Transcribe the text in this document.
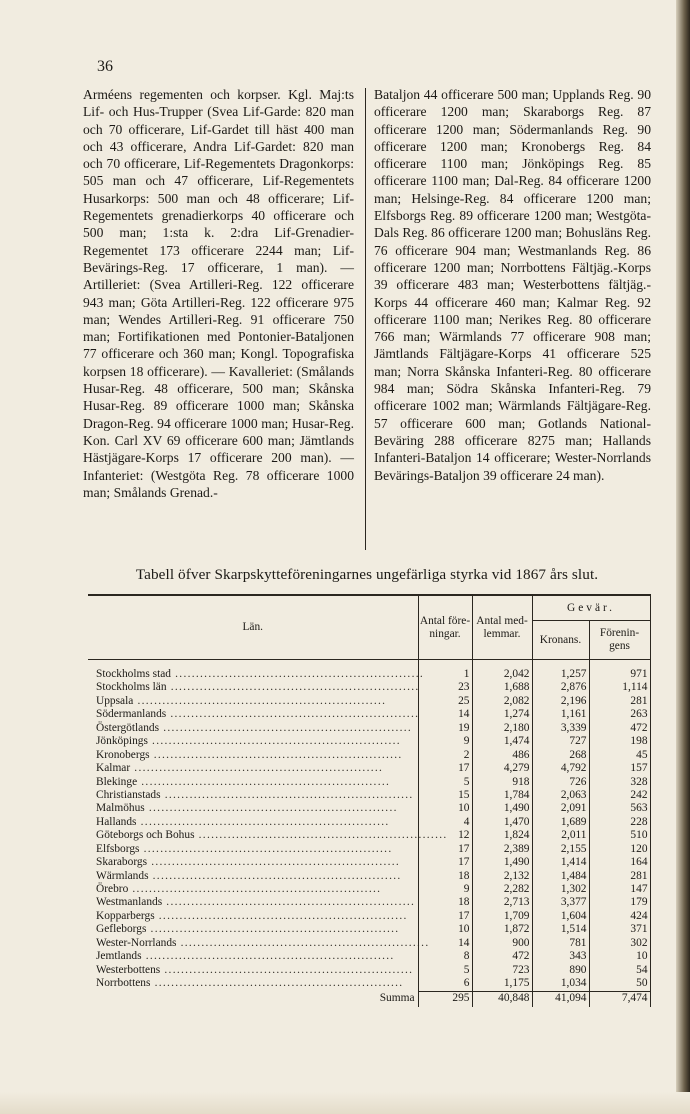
36

Arméens regementen och korpser. Kgl. Maj:ts Lif- och Hus-Trupper (Svea Lif-Garde: 820 man och 70 officerare, Lif-Gardet till häst 400 man och 43 officerare, Andra Lif-Gardet: 820 man och 70 officerare, Lif-Regementets Dragonkorps: 505 man och 47 officerare, Lif-Regementets Husarkorps: 500 man och 48 officerare; Lif-Regementets grenadierkorps 40 officerare och 500 man; 1:sta k. 2:dra Lif-Grenadier-Regementet 173 officerare 2244 man; Lif-Bevärings-Reg. 17 officerare, 1 man). — Artilleriet: (Svea Artilleri-Reg. 122 officerare 943 man; Göta Artilleri-Reg. 122 officerare 975 man; Wendes Artilleri-Reg. 91 officerare 750 man; Fortifikationen med Pontonier-Bataljonen 77 officerare och 360 man; Kongl. Topografiska korpsen 18 officerare). — Kavalleriet: (Smålands Husar-Reg. 48 officerare, 500 man; Skånska Husar-Reg. 89 officerare 1000 man; Skånska Dragon-Reg. 94 officerare 1000 man; Husar-Reg. Kon. Carl XV 69 officerare 600 man; Jämtlands Hästjägare-Korps 17 officerare 200 man). — Infanteriet: (Westgöta Reg. 78 officerare 1000 man; Smålands Grenad.-

Bataljon 44 officerare 500 man; Upplands Reg. 90 officerare 1200 man; Skaraborgs Reg. 87 officerare 1200 man; Södermanlands Reg. 90 officerare 1200 man; Kronobergs Reg. 84 officerare 1100 man; Jönköpings Reg. 85 officerare 1100 man; Dal-Reg. 84 officerare 1200 man; Helsinge-Reg. 84 officerare 1200 man; Elfsborgs Reg. 89 officerare 1200 man; Westgöta-Dals Reg. 86 officerare 1200 man; Bohusläns Reg. 76 officerare 904 man; Westmanlands Reg. 86 officerare 1200 man; Norrbottens Fältjäg.-Korps 39 officerare 483 man; Westerbottens fältjäg.-Korps 44 officerare 460 man; Kalmar Reg. 92 officerare 1100 man; Nerikes Reg. 80 officerare 766 man; Wärmlands 77 officerare 908 man; Jämtlands Fältjägare-Korps 41 officerare 525 man; Norra Skånska Infanteri-Reg. 80 officerare 984 man; Södra Skånska Infanteri-Reg. 79 officerare 1002 man; Wärmlands Fältjägare-Reg. 57 officerare 600 man; Gotlands National-Beväring 288 officerare 8275 man; Hallands Infanteri-Bataljon 14 officerare; Wester-Norrlands Bevärings-Bataljon 39 officerare 24 man).

Tabell öfver Skarpskytteföreningarnes ungefärliga styrka vid 1867 års slut.
Län.	Antal före-ningar.	Antal med-lemmar.	Gevär.	
			Kronans.	Förenin-gens
Stockholms stad ............................................................	1	2,042	1,257	971
Stockholms län ............................................................	23	1,688	2,876	1,114
Uppsala ............................................................	25	2,082	2,196	281
Södermanlands ............................................................	14	1,274	1,161	263
Östergötlands ............................................................	19	2,180	3,339	472
Jönköpings ............................................................	9	1,474	727	198
Kronobergs ............................................................	2	486	268	45
Kalmar ............................................................	17	4,279	4,792	157
Blekinge ............................................................	5	918	726	328
Christianstads ............................................................	15	1,784	2,063	242
Malmöhus ............................................................	10	1,490	2,091	563
Hallands ............................................................	4	1,470	1,689	228
Göteborgs och Bohus ............................................................	12	1,824	2,011	510
Elfsborgs ............................................................	17	2,389	2,155	120
Skaraborgs ............................................................	17	1,490	1,414	164
Wärmlands ............................................................	18	2,132	1,484	281
Örebro ............................................................	9	2,282	1,302	147
Westmanlands ............................................................	18	2,713	3,377	179
Kopparbergs ............................................................	17	1,709	1,604	424
Gefleborgs ............................................................	10	1,872	1,514	371
Wester-Norrlands ............................................................	14	900	781	302
Jemtlands ............................................................	8	472	343	10
Westerbottens ............................................................	5	723	890	54
Norrbottens ............................................................	6	1,175	1,034	50
Summa	295	40,848	41,094	7,474
